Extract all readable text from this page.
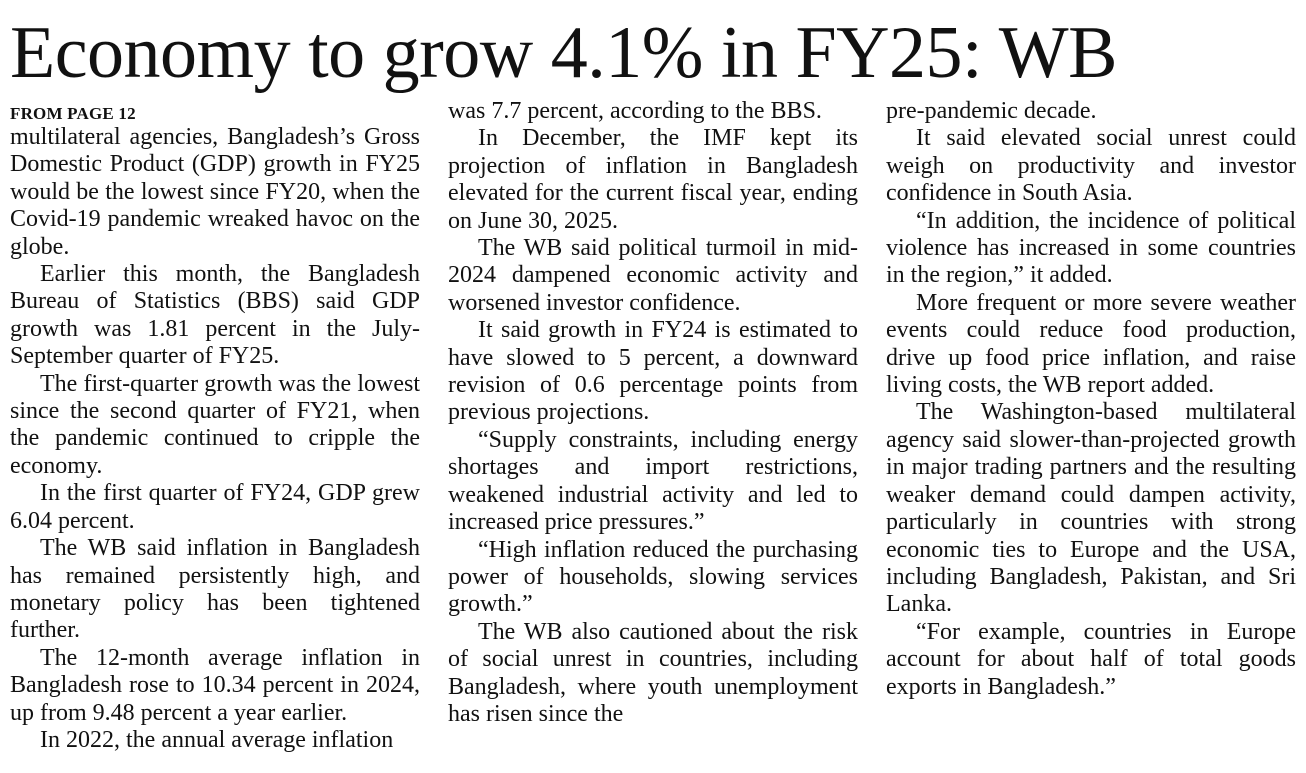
Economy to grow 4.1% in FY25: WB
FROM PAGE 12

multilateral agencies, Bangladesh’s Gross Domestic Product (GDP) growth in FY25 would be the lowest since FY20, when the Covid-19 pandemic wreaked havoc on the globe.

Earlier this month, the Bangladesh Bureau of Statistics (BBS) said GDP growth was 1.81 percent in the July-September quarter of FY25.

The first-quarter growth was the lowest since the second quarter of FY21, when the pandemic continued to cripple the economy.

In the first quarter of FY24, GDP grew 6.04 percent.

The WB said inflation in Bangladesh has remained persistently high, and monetary policy has been tightened further.

The 12-month average inflation in Bangladesh rose to 10.34 percent in 2024, up from 9.48 percent a year earlier.

In 2022, the annual average inflation

was 7.7 percent, according to the BBS.

In December, the IMF kept its projection of inflation in Bangladesh elevated for the current fiscal year, ending on June 30, 2025.

The WB said political turmoil in mid-2024 dampened economic activity and worsened investor confidence.

It said growth in FY24 is estimated to have slowed to 5 percent, a downward revision of 0.6 percentage points from previous projections.

“Supply constraints, including energy shortages and import restrictions, weakened industrial activity and led to increased price pressures.”

“High inflation reduced the purchasing power of households, slowing services growth.”

The WB also cautioned about the risk of social unrest in countries, including Bangladesh, where youth unemployment has risen since the

pre-pandemic decade.

It said elevated social unrest could weigh on productivity and investor confidence in South Asia.

“In addition, the incidence of political violence has increased in some countries in the region,” it added.

More frequent or more severe weather events could reduce food production, drive up food price inflation, and raise living costs, the WB report added.

The Washington-based multilateral agency said slower-than-projected growth in major trading partners and the resulting weaker demand could dampen activity, particularly in countries with strong economic ties to Europe and the USA, including Bangladesh, Pakistan, and Sri Lanka.

“For example, countries in Europe account for about half of total goods exports in Bangladesh.”
